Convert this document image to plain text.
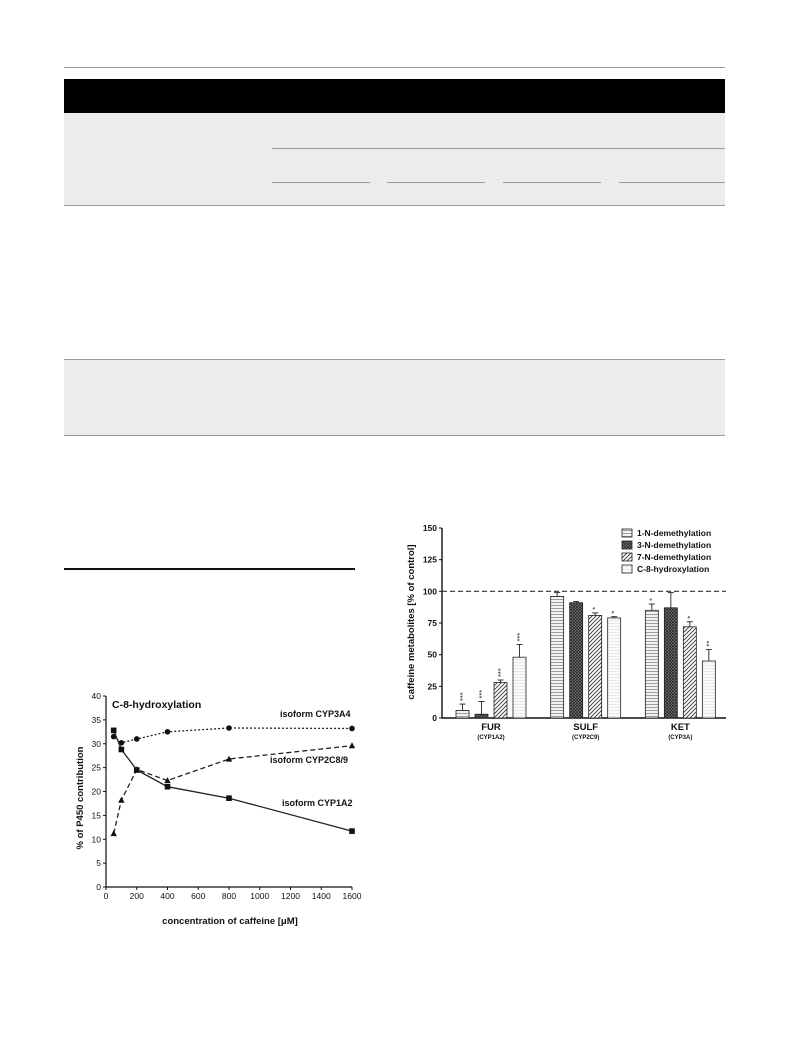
0	200 400 600 800 1000 1200 1400 1600
0
5
10
15
20
25
30
35
40
C-8-hydroxylation
concentration of caffeine [μM]
% of P450 contribution
isoform CYP3A4
isoform CYP2C8/9
isoform CYP1A2
0
25
50
75
100
125
150
*** ***
***
***
FUR
(CYP1A2)
*
*
SULF
(CYP2C9)
*
*
**
KET
(CYP3A)
1-N-demethylation
3-N-demethylation
7-N-demethylation
C-8-hydroxylation
caffeine metabolites [% of control]
